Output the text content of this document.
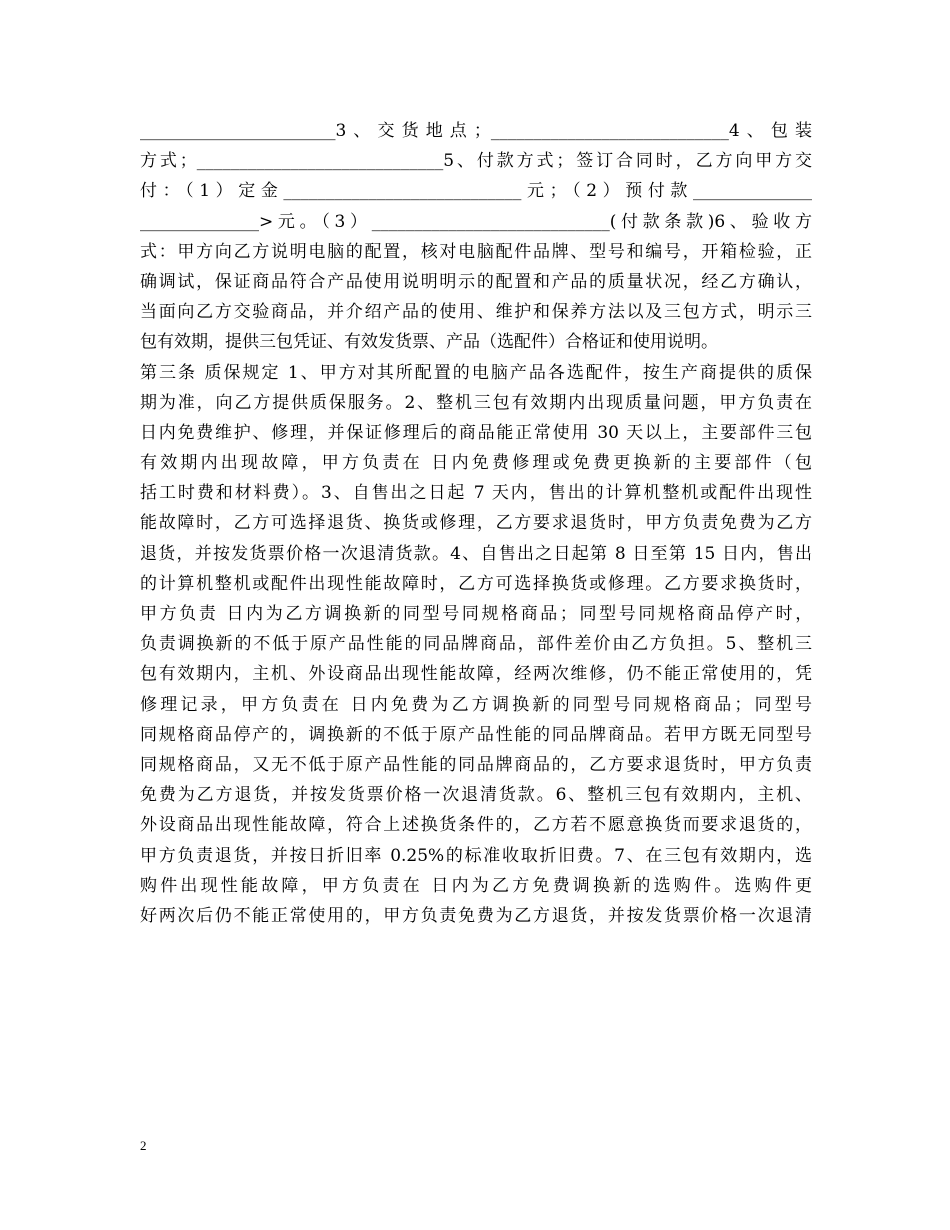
_______________________3、交货地点；____________________________4、包装
方式；_____________________________5、付款方式；签订合同时，乙方向甲方交
付：（1）定金____________________________元；（2）预付款______________
______________>元。（3）____________________________(付款条款)6、验收方
式：甲方向乙方说明电脑的配置，核对电脑配件品牌、型号和编号，开箱检验，正
确调试，保证商品符合产品使用说明明示的配置和产品的质量状况，经乙方确认，
当面向乙方交验商品，并介绍产品的使用、维护和保养方法以及三包方式，明示三
包有效期，提供三包凭证、有效发货票、产品（选配件）合格证和使用说明。
第三条 质保规定 1、甲方对其所配置的电脑产品各选配件，按生产商提供的质保
期为准，向乙方提供质保服务。2、整机三包有效期内出现质量问题，甲方负责在
日内免费维护、修理，并保证修理后的商品能正常使用 30 天以上，主要部件三包
有效期内出现故障，甲方负责在 日内免费修理或免费更换新的主要部件（包
括工时费和材料费）。3、自售出之日起 7 天内，售出的计算机整机或配件出现性
能故障时，乙方可选择退货、换货或修理，乙方要求退货时，甲方负责免费为乙方
退货，并按发货票价格一次退清货款。4、自售出之日起第 8 日至第 15 日内，售出
的计算机整机或配件出现性能故障时，乙方可选择换货或修理。乙方要求换货时，
甲方负责 日内为乙方调换新的同型号同规格商品；同型号同规格商品停产时，
负责调换新的不低于原产品性能的同品牌商品，部件差价由乙方负担。5、整机三
包有效期内，主机、外设商品出现性能故障，经两次维修，仍不能正常使用的，凭
修理记录，甲方负责在 日内免费为乙方调换新的同型号同规格商品；同型号
同规格商品停产的，调换新的不低于原产品性能的同品牌商品。若甲方既无同型号
同规格商品，又无不低于原产品性能的同品牌商品的，乙方要求退货时，甲方负责
免费为乙方退货，并按发货票价格一次退清货款。6、整机三包有效期内，主机、
外设商品出现性能故障，符合上述换货条件的，乙方若不愿意换货而要求退货的，
甲方负责退货，并按日折旧率 0.25%的标准收取折旧费。7、在三包有效期内，选
购件出现性能故障，甲方负责在 日内为乙方免费调换新的选购件。选购件更
好两次后仍不能正常使用的，甲方负责免费为乙方退货，并按发货票价格一次退清
2
